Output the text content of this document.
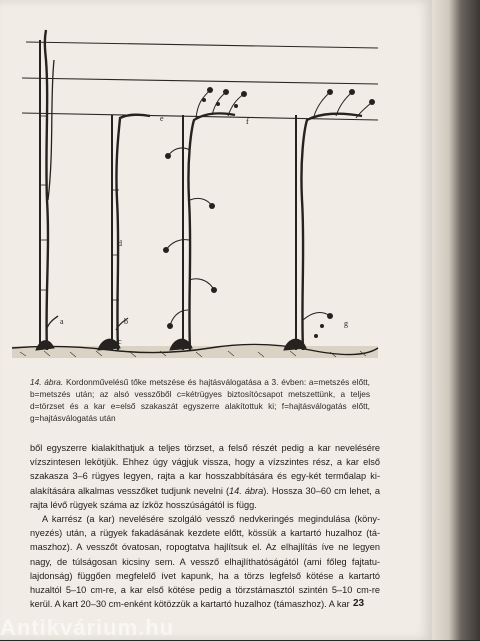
a	b
c
d
e	f
g
14. ábra. Kordonművelésű tőke metszése és hajtásválogatása a 3. évben: a=metszés előtt, b=metszés után; az alsó vesszőből c=kétrügyes biztosítócsapot metszettünk, a teljes d=törzset és a kar e=első szakaszát egyszerre alakítottuk ki; f=hajtásválogatás előtt, g=hajtásválogatás után

ből egyszerre kialakíthatjuk a teljes törzset, a felső részét pedig a kar nevelésére vízszintesen lekötjük. Ehhez úgy vágjuk vissza, hogy a vízszintes rész, a kar első szakasza 3–6 rügyes legyen, rajta a kar hosszabbítására és egy-két termőalap kialakítására alkalmas vesszőket tudjunk nevelni (14. ábra). Hossza 30–60 cm lehet, a rajta lévő rügyek száma az ízköz hosszúságától is függ.

A karrész (a kar) nevelésére szolgáló vessző nedvkeringés megindulása (könynyezés) után, a rügyek fakadásának kezdete előtt, kössük a kartartó huzalhoz (támaszhoz). A vesszőt óvatosan, ropogtatva hajlítsuk el. Az elhajlítás íve ne legyen nagy, de túlságosan kicsiny sem. A vessző elhajlíthatóságától (ami főleg fajtatulajdonság) függően megfelelő ívet kapunk, ha a törzs legfelső kötése a kartartó huzaltól 5–10 cm-re, a kar első kötése pedig a törzstámasztól szintén 5–10 cm-re kerül. A kart 20–30 cm-enként kötözzük a kartartó huzalhoz (támaszhoz). A kar 23
Antikvárium.hu
